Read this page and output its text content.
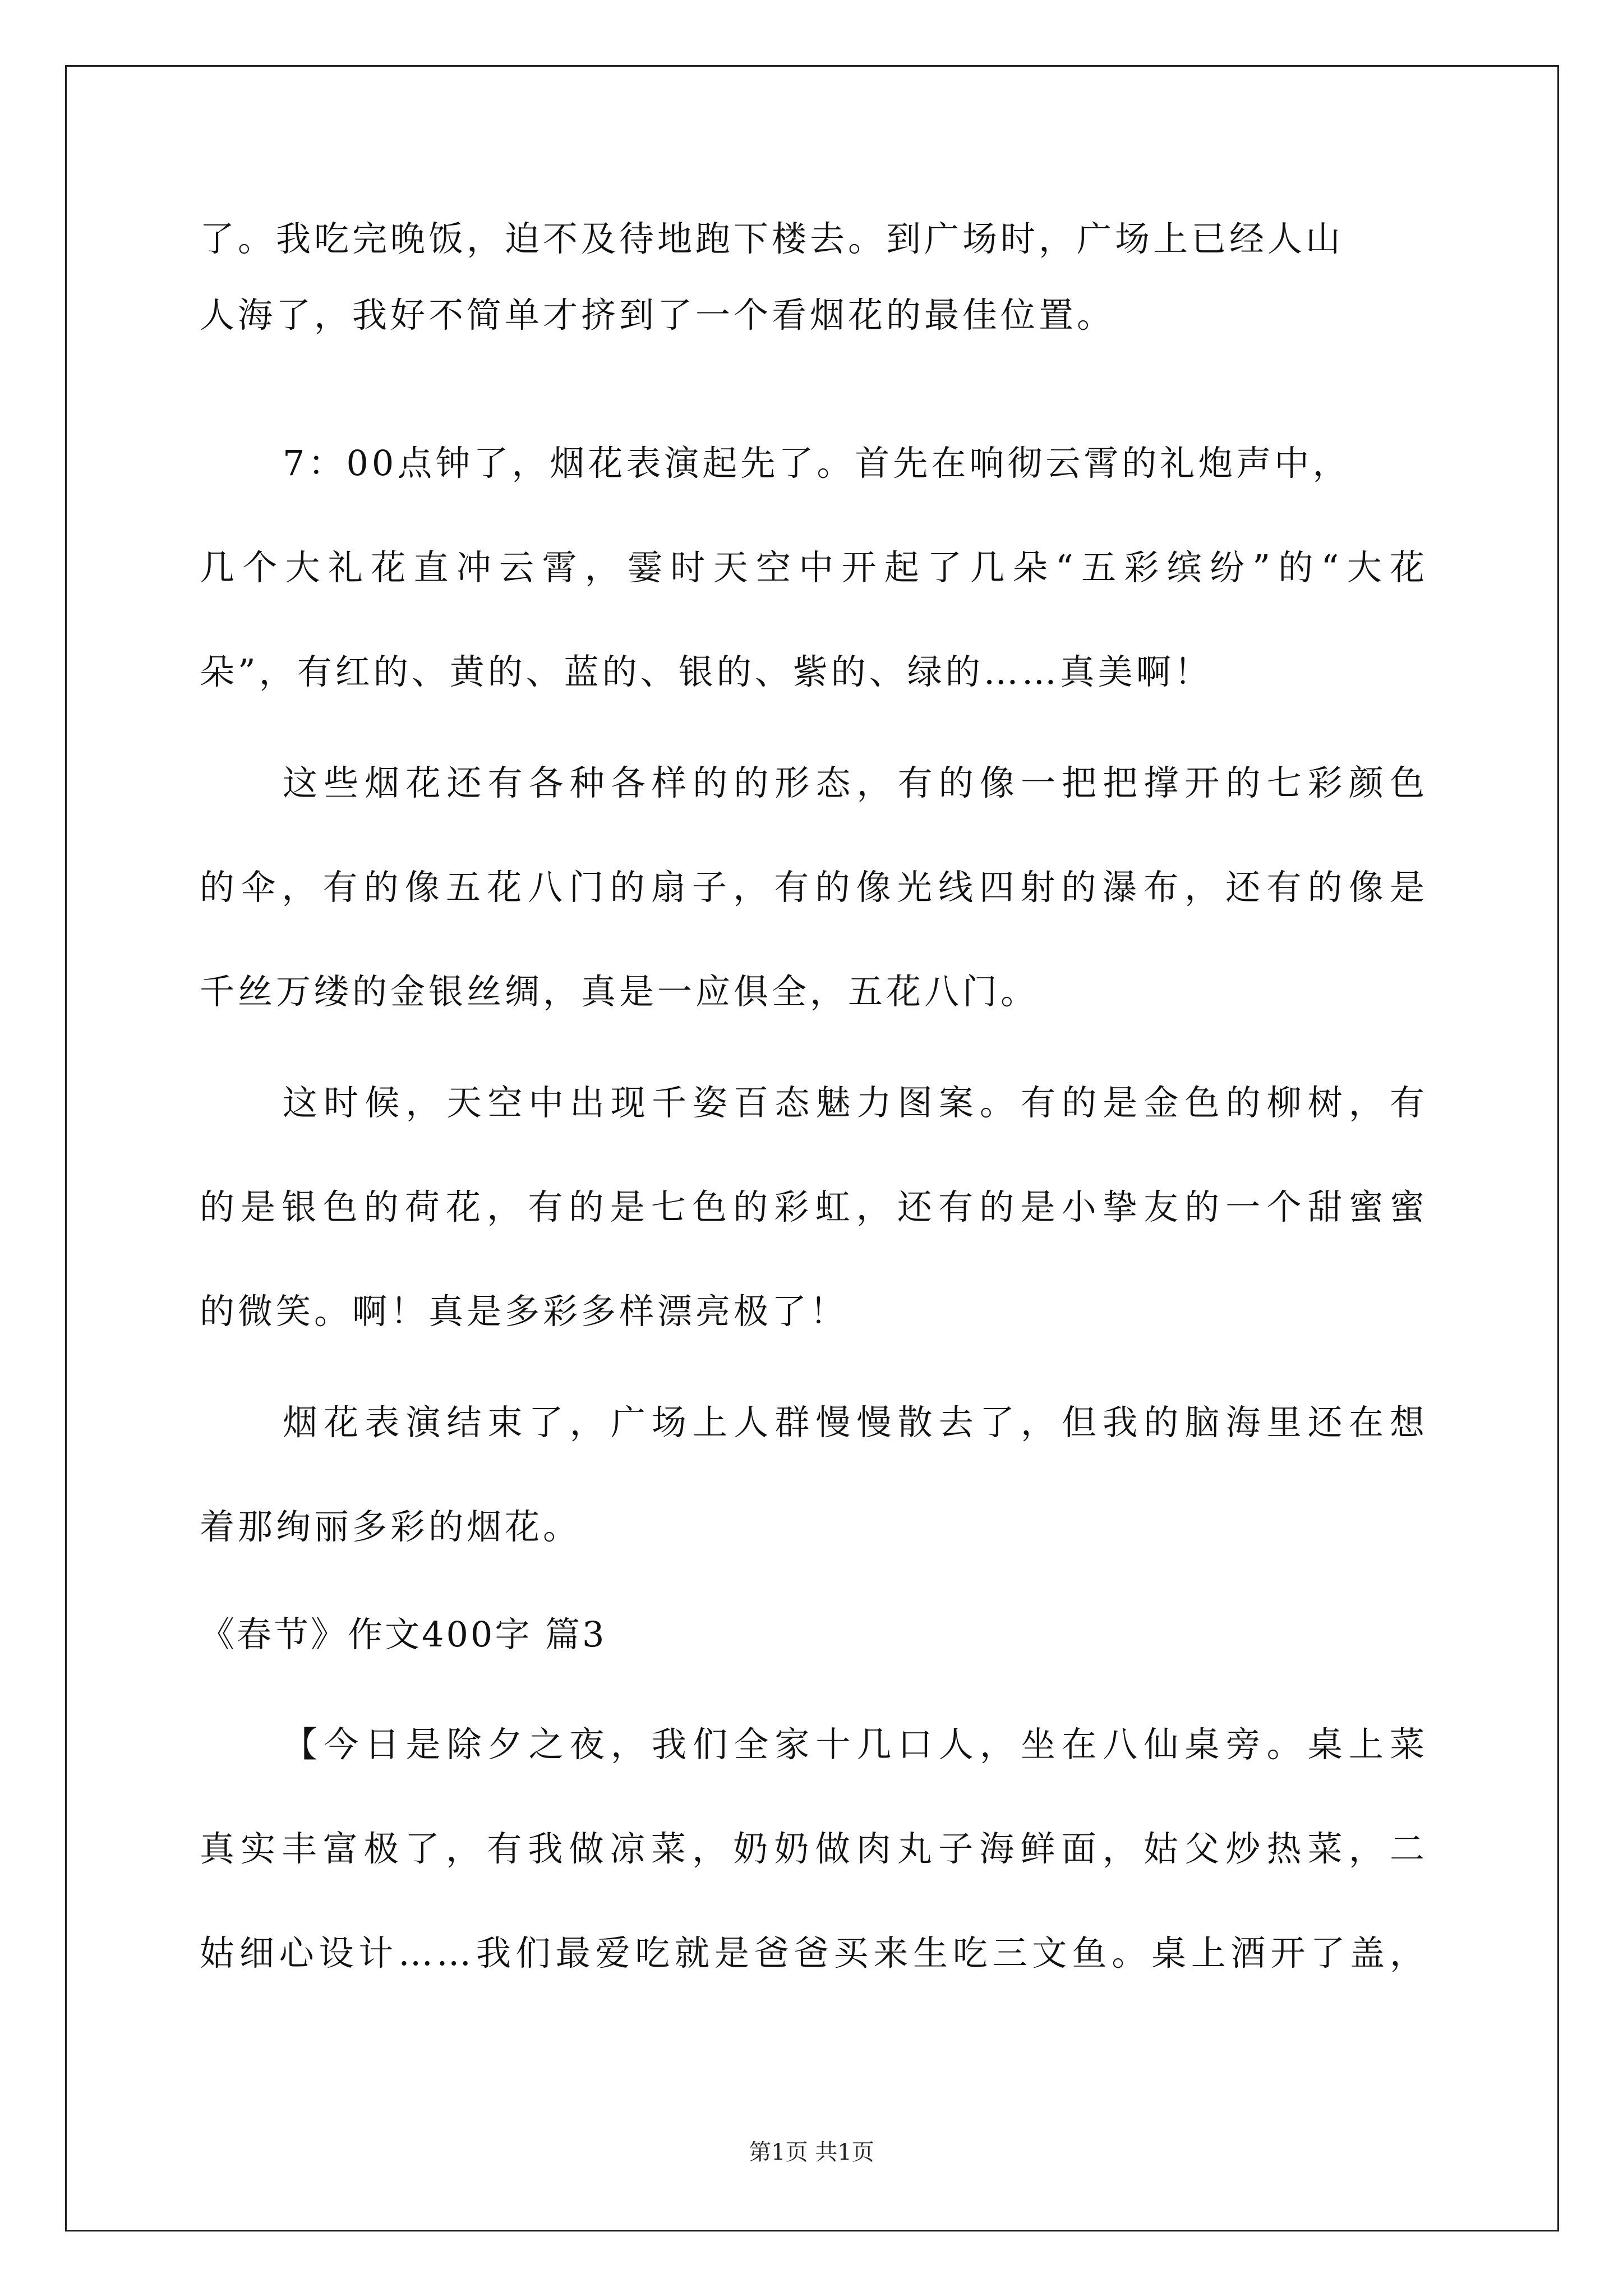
了。我吃完晚饭，迫不及待地跑下楼去。到广场时，广场上已经人山
人海了，我好不简单才挤到了一个看烟花的最佳位置。
7：00点钟了，烟花表演起先了。首先在响彻云霄的礼炮声中，
几个大礼花直冲云霄，霎时天空中开起了几朵“五彩缤纷”的“大花
朵”，有红的、黄的、蓝的、银的、紫的、绿的……真美啊！
这些烟花还有各种各样的的形态，有的像一把把撑开的七彩颜色
的伞，有的像五花八门的扇子，有的像光线四射的瀑布，还有的像是
千丝万缕的金银丝绸，真是一应俱全，五花八门。
这时候，天空中出现千姿百态魅力图案。有的是金色的柳树，有
的是银色的荷花，有的是七色的彩虹，还有的是小挚友的一个甜蜜蜜
的微笑。啊！真是多彩多样漂亮极了！
烟花表演结束了，广场上人群慢慢散去了，但我的脑海里还在想
着那绚丽多彩的烟花。
《春节》作文400字 篇3
【今日是除夕之夜，我们全家十几口人，坐在八仙桌旁。桌上菜
真实丰富极了，有我做凉菜，奶奶做肉丸子海鲜面，姑父炒热菜，二
姑细心设计……我们最爱吃就是爸爸买来生吃三文鱼。桌上酒开了盖，
第1页 共1页
